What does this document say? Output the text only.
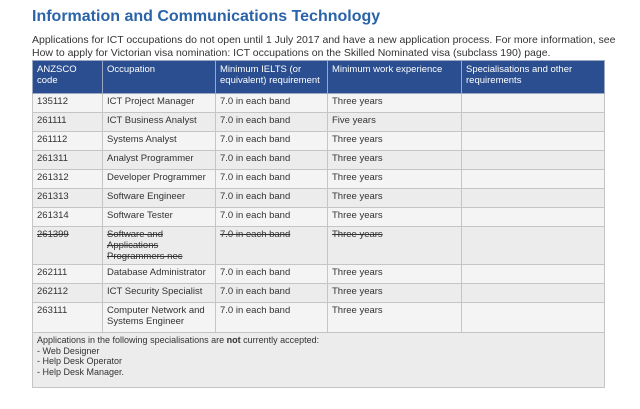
Information and Communications Technology
Applications for ICT occupations do not open until 1 July 2017 and have a new application process. For more information, see How to apply for Victorian visa nomination: ICT occupations on the Skilled Nominated visa (subclass 190) page.
ANZSCO code	Occupation	Minimum IELTS (or equivalent) requirement	Minimum work experience	Specialisations and other requirements
135112	ICT Project Manager	7.0 in each band	Three years	
261111	ICT Business Analyst	7.0 in each band	Five years	
261112	Systems Analyst	7.0 in each band	Three years	
261311	Analyst Programmer	7.0 in each band	Three years	
261312	Developer Programmer	7.0 in each band	Three years	
261313	Software Engineer	7.0 in each band	Three years	
261314	Software Tester	7.0 in each band	Three years	
261399	Software and Applications Programmers nec	7.0 in each band	Three years	
262111	Database Administrator	7.0 in each band	Three years	
262112	ICT Security Specialist	7.0 in each band	Three years	
263111	Computer Network and Systems Engineer	7.0 in each band	Three years	

Applications in the following specialisations are not currently accepted:
- Web Designer
- Help Desk Operator
- Help Desk Manager.				
